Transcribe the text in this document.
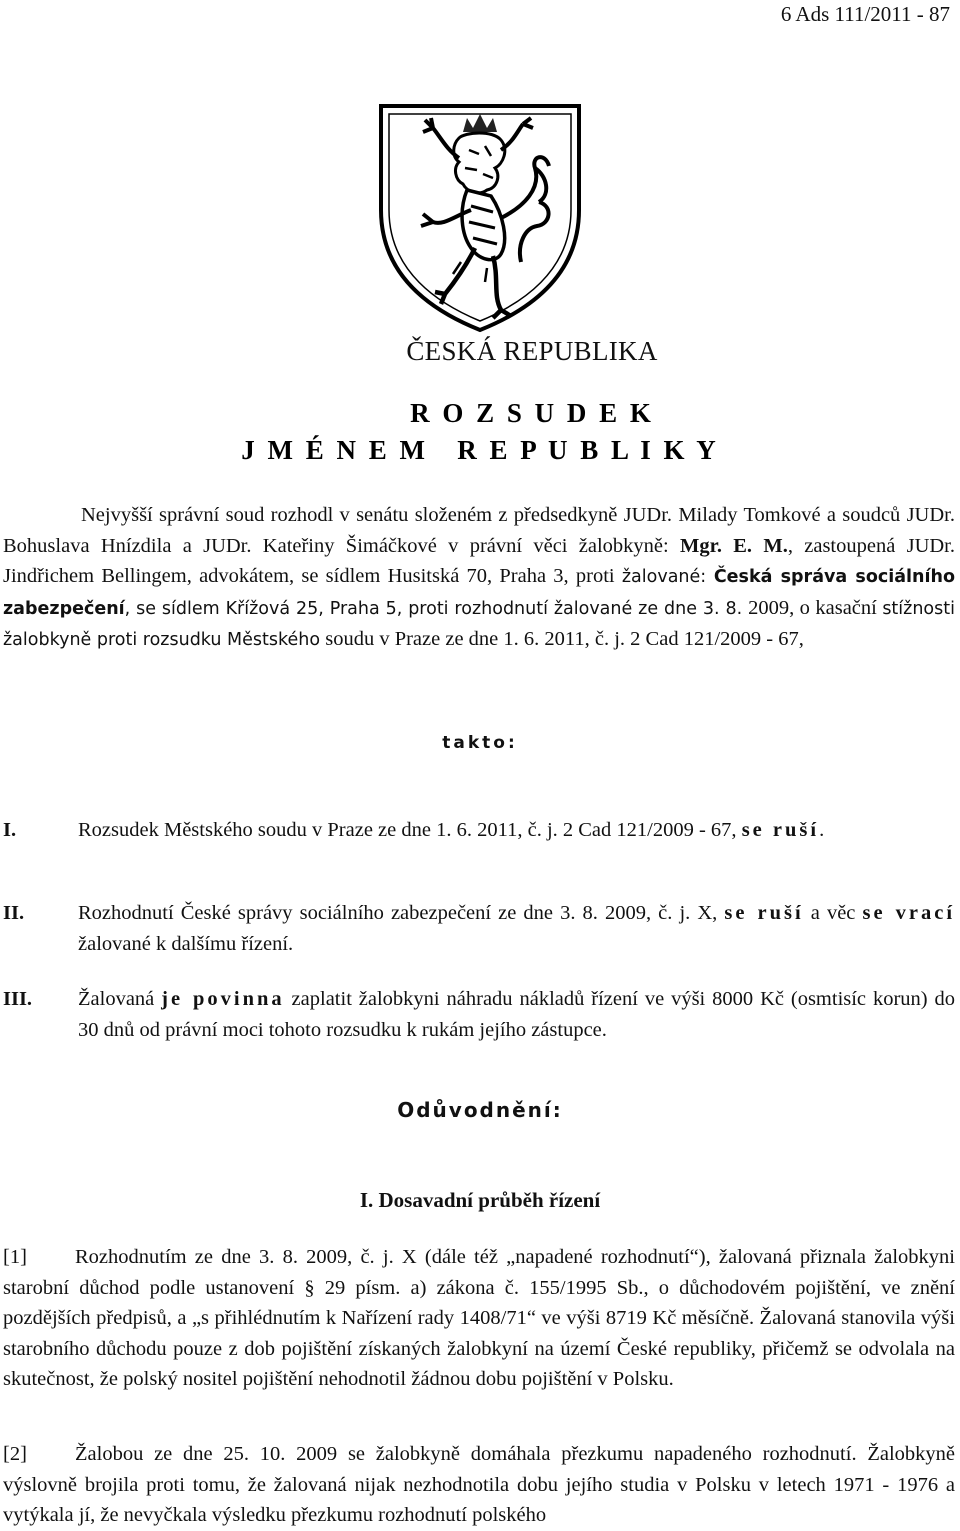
6 Ads 111/2011 - 87
ČESKÁ REPUBLIKA
R O Z S U D E K
J M É N E M   R E P U B L I K Y
Nejvyšší správní soud rozhodl v senátu složeném z předsedkyně JUDr. Milady Tomkové a soudců JUDr. Bohuslava Hnízdila a JUDr. Kateřiny Šimáčkové v právní věci žalobkyně: Mgr. E. M., zastoupená JUDr. Jindřichem Bellingem, advokátem, se sídlem Husitská 70, Praha 3, proti žalované: Česká správa sociálního zabezpečení, se sídlem Křížová 25, Praha 5, proti rozhodnutí žalované ze dne 3. 8. 2009, o kasační stížnosti žalobkyně proti rozsudku Městského soudu v Praze ze dne 1. 6. 2011, č. j. 2 Cad 121/2009 - 67,
takto:
I.	Rozsudek Městského soudu v Praze ze dne 1. 6. 2011, č. j. 2 Cad 121/2009 - 67, se ruší.
II.	Rozhodnutí České správy sociálního zabezpečení ze dne 3. 8. 2009, č. j. X, se ruší a věc se vrací žalované k dalšímu řízení.
III. Žalovaná je povinna zaplatit žalobkyni náhradu nákladů řízení ve výši 8000 Kč (osmtisíc korun) do 30 dnů od právní moci tohoto rozsudku k rukám jejího zástupce.
Odůvodnění:
I. Dosavadní průběh řízení
[1] Rozhodnutím ze dne 3. 8. 2009, č. j. X (dále též „napadené rozhodnutí“), žalovaná přiznala žalobkyni starobní důchod podle ustanovení § 29 písm. a) zákona č. 155/1995 Sb., o důchodovém pojištění, ve znění pozdějších předpisů, a „s přihlédnutím k Nařízení rady 1408/71“ ve výši 8719 Kč měsíčně. Žalovaná stanovila výši starobního důchodu pouze z dob pojištění získaných žalobkyní na území České republiky, přičemž se odvolala na skutečnost, že polský nositel pojištění nehodnotil žádnou dobu pojištění v Polsku.
[2] Žalobou ze dne 25. 10. 2009 se žalobkyně domáhala přezkumu napadeného rozhodnutí. Žalobkyně výslovně brojila proti tomu, že žalovaná nijak nezhodnotila dobu jejího studia v Polsku v letech 1971 - 1976 a vytýkala jí, že nevyčkala výsledku přezkumu rozhodnutí polského
